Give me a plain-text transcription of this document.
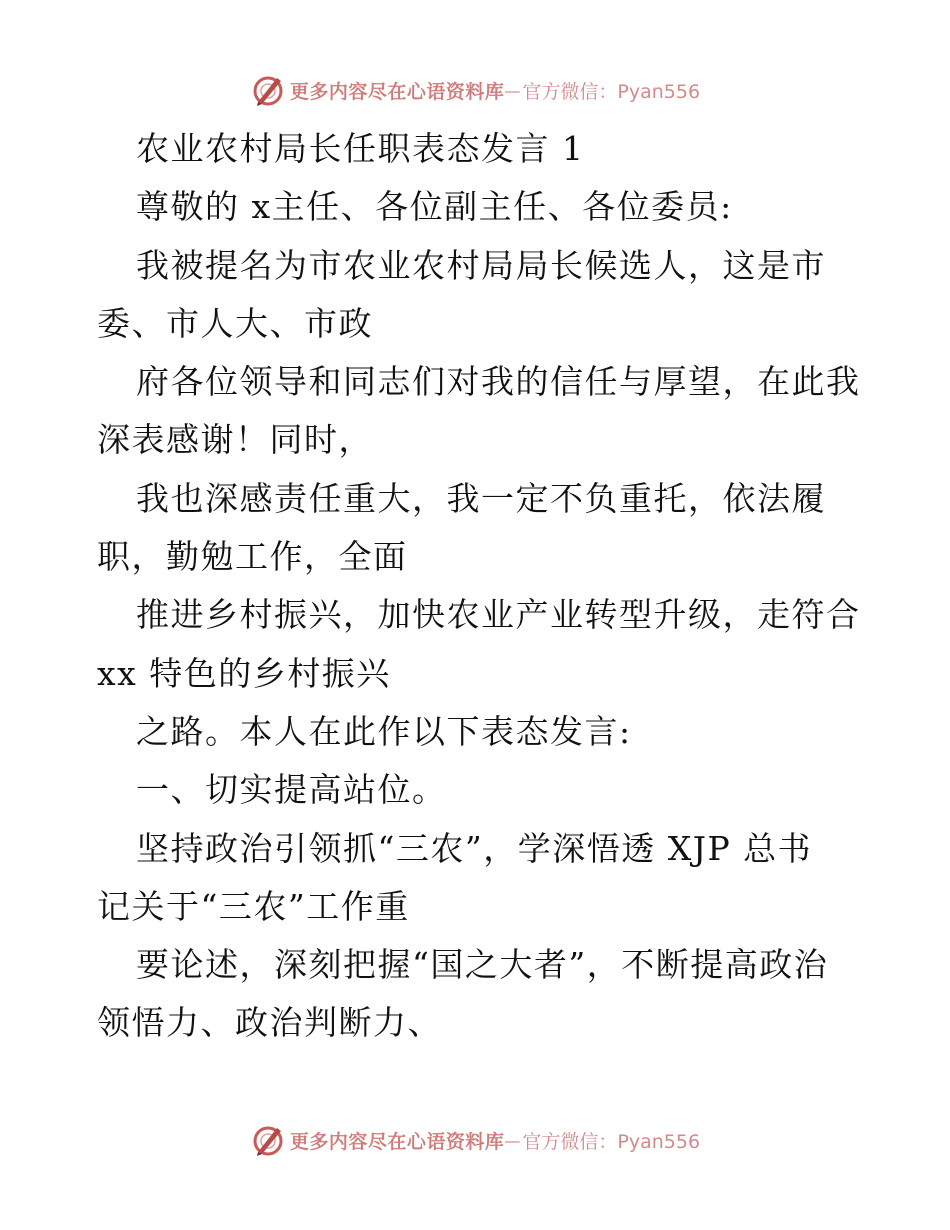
更多内容尽在心语资料库 — 官方微信：Pyan556
农业农村局长任职表态发言 1
尊敬的 x主任、各位副主任、各位委员:
我被提名为市农业农村局局长候选人，这是市
委、市人大、市政
府各位领导和同志们对我的信任与厚望，在此我
深表感谢！同时，
我也深感责任重大，我一定不负重托，依法履
职，勤勉工作，全面
推进乡村振兴，加快农业产业转型升级，走符合
xx 特色的乡村振兴
之路。本人在此作以下表态发言:
一、切实提高站位。
坚持政治引领抓“三农”，学深悟透 XJP 总书
记关于“三农”工作重
要论述，深刻把握“国之大者”，不断提高政治
领悟力、政治判断力、
更多内容尽在心语资料库 — 官方微信：Pyan556
